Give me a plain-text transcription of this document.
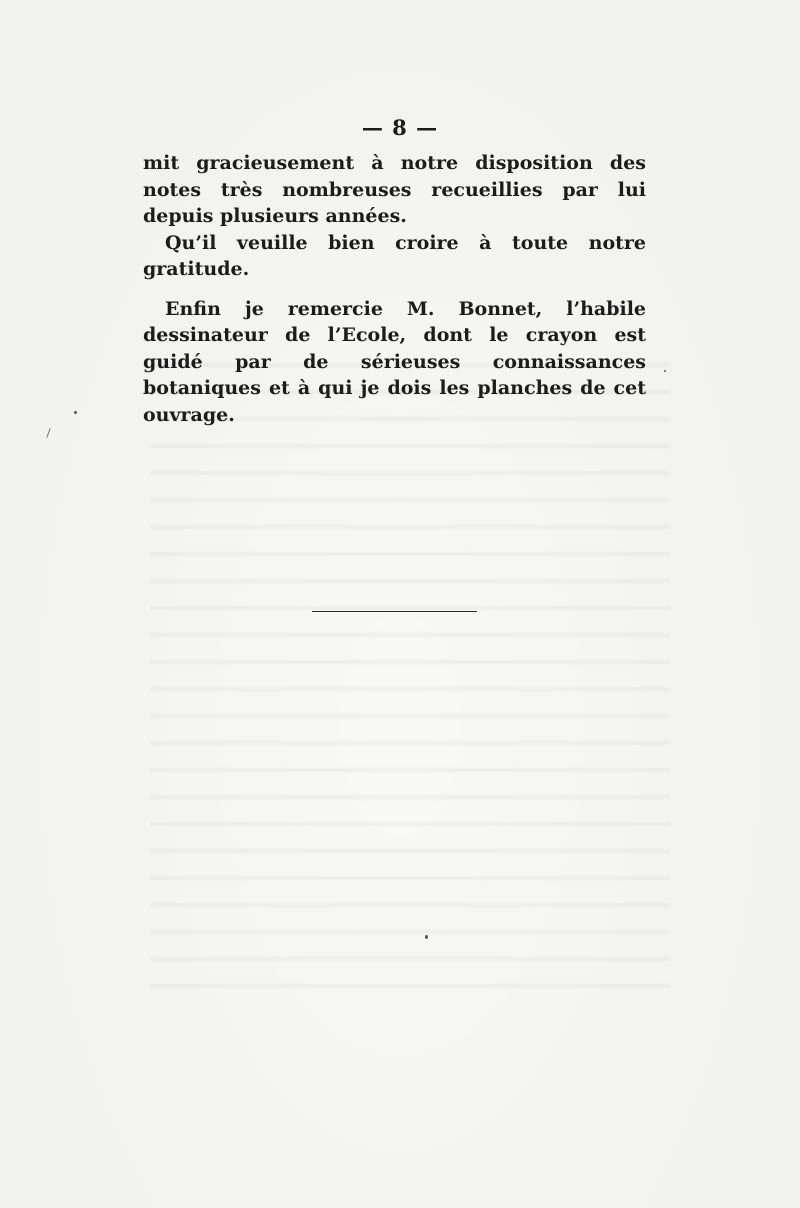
— 8 —

mit gracieusement à notre disposition des notes très nombreuses recueillies par lui depuis plusieurs années.

Qu’il veuille bien croire à toute notre gratitude.

Enfin je remercie M. Bonnet, l’habile dessinateur de l’Ecole, dont le crayon est guidé par de sérieuses connaissances botaniques et à qui je dois les planches de cet ouvrage.
